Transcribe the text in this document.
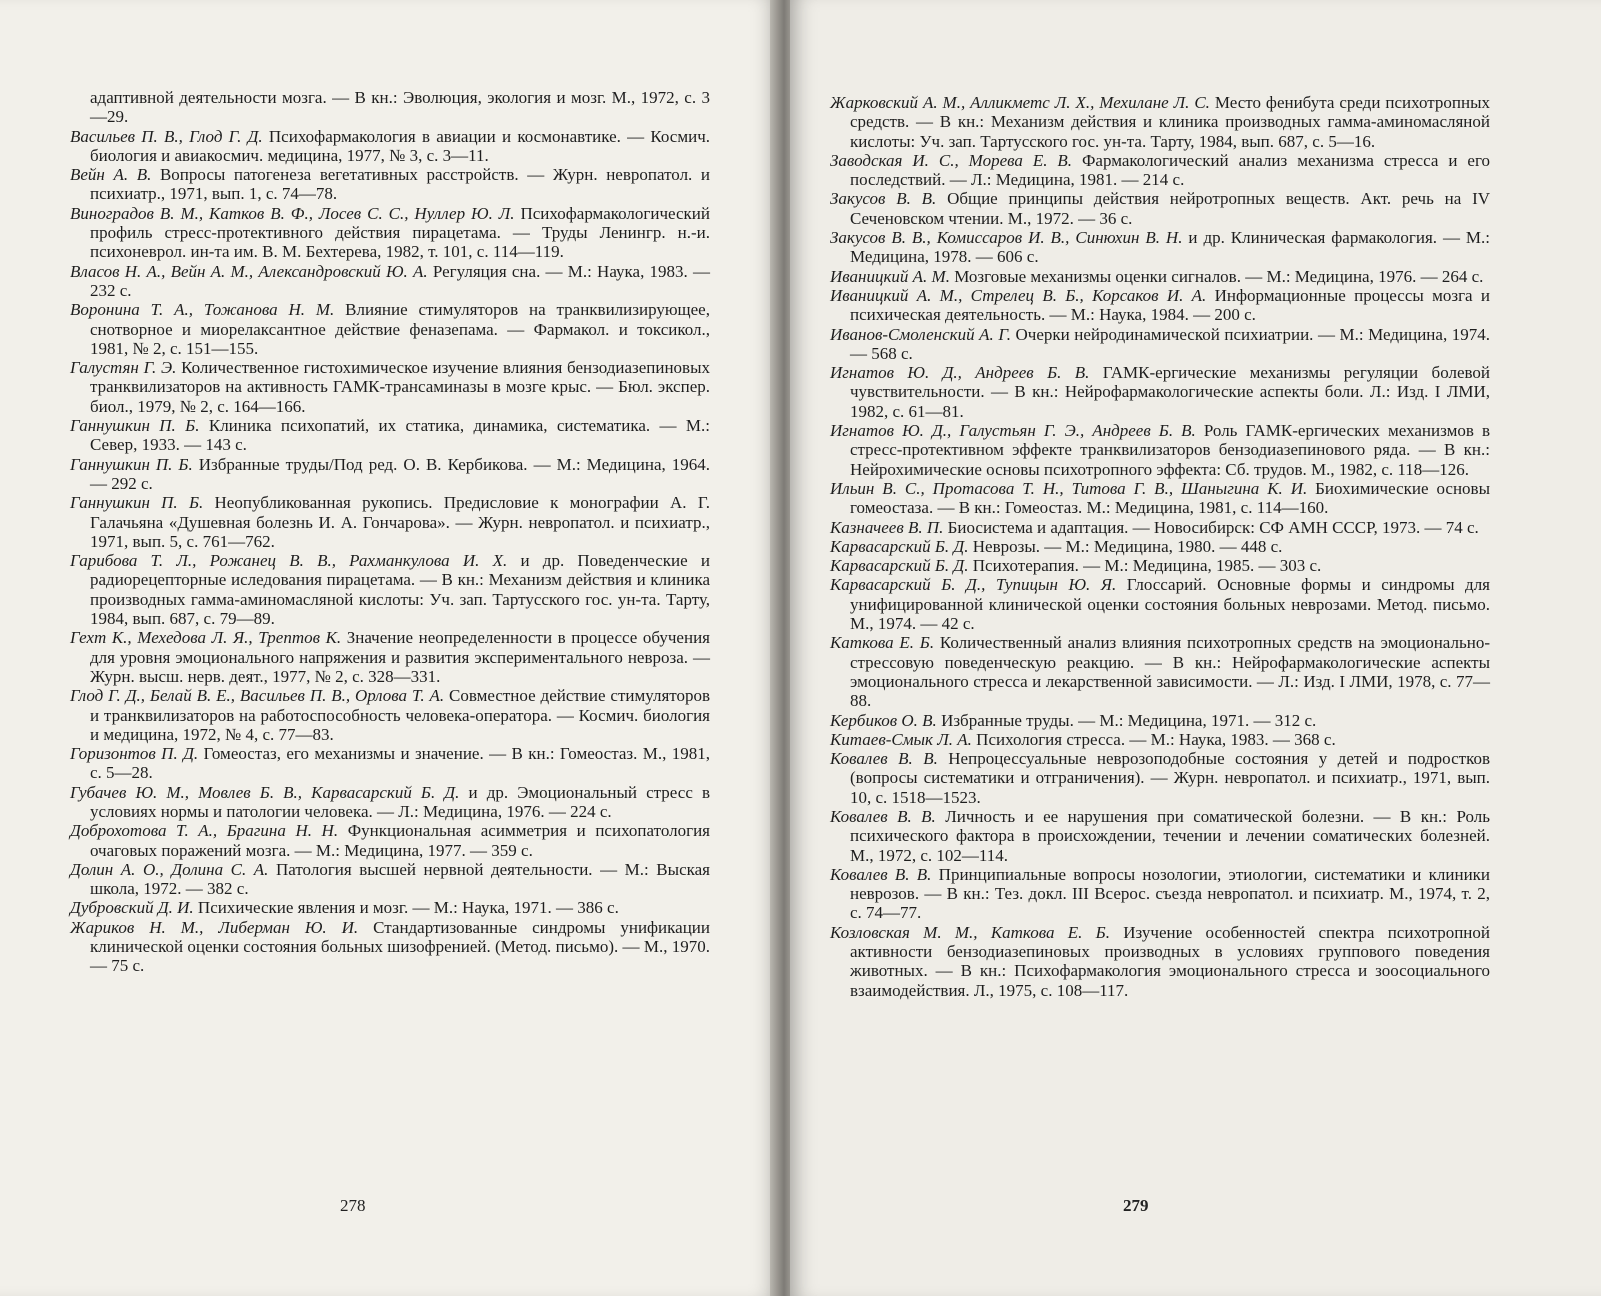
адаптивной деятельности мозга. — В кн.: Эволюция, экология и мозг. М., 1972, с. 3—29.

Васильев П. В., Глод Г. Д. Психофармакология в авиации и космонавтике. — Космич. биология и авиакосмич. медицина, 1977, № 3, с. 3—11.

Вейн А. В. Вопросы патогенеза вегетативных расстройств. — Журн. невропатол. и психиатр., 1971, вып. 1, с. 74—78.

Виноградов В. М., Катков В. Ф., Лосев С. С., Нуллер Ю. Л. Психофармакологический профиль стресс-протективного действия пирацетама. — Труды Ленингр. н.-и. психоневрол. ин-та им. В. М. Бехтерева, 1982, т. 101, с. 114—119.

Власов Н. А., Вейн А. М., Александровский Ю. А. Регуляция сна. — М.: Наука, 1983. — 232 с.

Воронина Т. А., Тожанова Н. М. Влияние стимуляторов на транквилизирующее, снотворное и миорелаксантное действие феназепама. — Фармакол. и токсикол., 1981, № 2, с. 151—155.

Галустян Г. Э. Количественное гистохимическое изучение влияния бензодиазепиновых транквилизаторов на активность ГАМК-трансаминазы в мозге крыс. — Бюл. экспер. биол., 1979, № 2, с. 164—166.

Ганнушкин П. Б. Клиника психопатий, их статика, динамика, систематика. — М.: Север, 1933. — 143 с.

Ганнушкин П. Б. Избранные труды/Под ред. О. В. Кербикова. — М.: Медицина, 1964. — 292 с.

Ганнушкин П. Б. Неопубликованная рукопись. Предисловие к монографии А. Г. Галачьяна «Душевная болезнь И. А. Гончарова». — Журн. невропатол. и психиатр., 1971, вып. 5, с. 761—762.

Гарибова Т. Л., Рожанец В. В., Рахманкулова И. Х. и др. Поведенческие и радиорецепторные иследования пирацетама. — В кн.: Механизм действия и клиника производных гамма-аминомасляной кислоты: Уч. зап. Тартусского гос. ун-та. Тарту, 1984, вып. 687, с. 79—89.

Гехт К., Мехедова Л. Я., Трептов К. Значение неопределенности в процессе обучения для уровня эмоционального напряжения и развития экспериментального невроза. — Журн. высш. нерв. деят., 1977, № 2, с. 328—331.

Глод Г. Д., Белай В. Е., Васильев П. В., Орлова Т. А. Совместное действие стимуляторов и транквилизаторов на работоспособность человека-оператора. — Космич. биология и медицина, 1972, № 4, с. 77—83.

Горизонтов П. Д. Гомеостаз, его механизмы и значение. — В кн.: Гомеостаз. М., 1981, с. 5—28.

Губачев Ю. М., Мовлев Б. В., Карвасарский Б. Д. и др. Эмоциональный стресс в условиях нормы и патологии человека. — Л.: Медицина, 1976. — 224 с.

Доброхотова Т. А., Брагина Н. Н. Функциональная асимметрия и психопатология очаговых поражений мозга. — М.: Медицина, 1977. — 359 с.

Долин А. О., Долина С. А. Патология высшей нервной деятельности. — М.: Выская школа, 1972. — 382 с.

Дубровский Д. И. Психические явления и мозг. — М.: Наука, 1971. — 386 с.

Жариков Н. М., Либерман Ю. И. Стандартизованные синдромы унификации клинической оценки состояния больных шизофренией. (Метод. письмо). — М., 1970. — 75 с.

278

Жарковский А. М., Алликметс Л. Х., Мехилане Л. С. Место фенибута среди психотропных средств. — В кн.: Механизм действия и клиника производных гамма-аминомасляной кислоты: Уч. зап. Тартусского гос. ун-та. Тарту, 1984, вып. 687, с. 5—16.

Заводская И. С., Морева Е. В. Фармакологический анализ механизма стресса и его последствий. — Л.: Медицина, 1981. — 214 с.

Закусов В. В. Общие принципы действия нейротропных веществ. Акт. речь на IV Сеченовском чтении. М., 1972. — 36 с.

Закусов В. В., Комиссаров И. В., Синюхин В. Н. и др. Клиническая фармакология. — М.: Медицина, 1978. — 606 с.

Иваницкий А. М. Мозговые механизмы оценки сигналов. — М.: Медицина, 1976. — 264 с.

Иваницкий А. М., Стрелец В. Б., Корсаков И. А. Информационные процессы мозга и психическая деятельность. — М.: Наука, 1984. — 200 с.

Иванов-Смоленский А. Г. Очерки нейродинамической психиатрии. — М.: Медицина, 1974. — 568 с.

Игнатов Ю. Д., Андреев Б. В. ГАМК-ергические механизмы регуляции болевой чувствительности. — В кн.: Нейрофармакологические аспекты боли. Л.: Изд. I ЛМИ, 1982, с. 61—81.

Игнатов Ю. Д., Галустьян Г. Э., Андреев Б. В. Роль ГАМК-ергических механизмов в стресс-протективном эффекте транквилизаторов бензодиазепинового ряда. — В кн.: Нейрохимические основы психотропного эффекта: Сб. трудов. М., 1982, с. 118—126.

Ильин В. С., Протасова Т. Н., Титова Г. В., Шаныгина К. И. Биохимические основы гомеостаза. — В кн.: Гомеостаз. М.: Медицина, 1981, с. 114—160.

Казначеев В. П. Биосистема и адаптация. — Новосибирск: СФ АМН СССР, 1973. — 74 с.

Карвасарский Б. Д. Неврозы. — М.: Медицина, 1980. — 448 с.

Карвасарский Б. Д. Психотерапия. — М.: Медицина, 1985. — 303 с.

Карвасарский Б. Д., Тупицын Ю. Я. Глоссарий. Основные формы и синдромы для унифицированной клинической оценки состояния больных неврозами. Метод. письмо. М., 1974. — 42 с.

Каткова Е. Б. Количественный анализ влияния психотропных средств на эмоционально-стрессовую поведенческую реакцию. — В кн.: Нейрофармакологические аспекты эмоционального стресса и лекарственной зависимости. — Л.: Изд. I ЛМИ, 1978, с. 77—88.

Кербиков О. В. Избранные труды. — М.: Медицина, 1971. — 312 с.

Китаев-Смык Л. А. Психология стресса. — М.: Наука, 1983. — 368 с.

Ковалев В. В. Непроцессуальные неврозоподобные состояния у детей и подростков (вопросы систематики и отграничения). — Журн. невропатол. и психиатр., 1971, вып. 10, с. 1518—1523.

Ковалев В. В. Личность и ее нарушения при соматической болезни. — В кн.: Роль психического фактора в происхождении, течении и лечении соматических болезней. М., 1972, с. 102—114.

Ковалев В. В. Принципиальные вопросы нозологии, этиологии, систематики и клиники неврозов. — В кн.: Тез. докл. III Всерос. съезда невропатол. и психиатр. М., 1974, т. 2, с. 74—77.

Козловская М. М., Каткова Е. Б. Изучение особенностей спектра психотропной активности бензодиазепиновых производных в условиях группового поведения животных. — В кн.: Психофармакология эмоционального стресса и зоосоциального взаимодействия. Л., 1975, с. 108—117.

279
